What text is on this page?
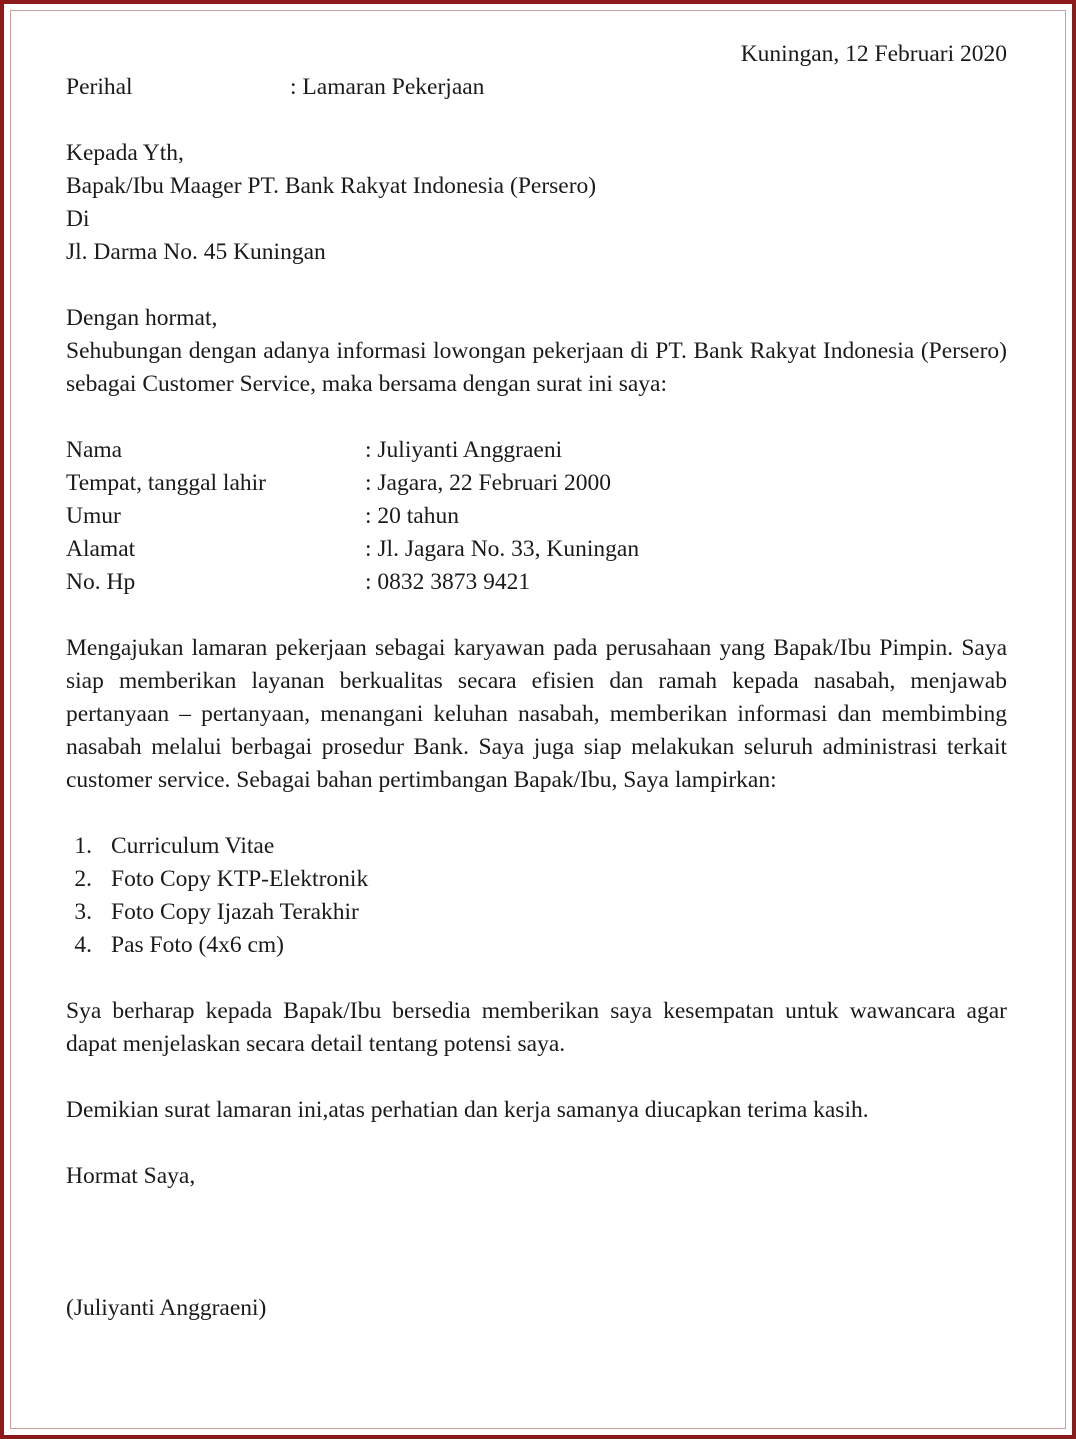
Kuningan, 12 Februari 2020
Perihal	: Lamaran Pekerjaan
Kepada Yth,
Bapak/Ibu Maager PT. Bank Rakyat Indonesia (Persero)
Di
Jl. Darma No. 45 Kuningan
Dengan hormat,
Sehubungan dengan adanya informasi lowongan pekerjaan di PT. Bank Rakyat Indonesia (Persero) sebagai Customer Service, maka bersama dengan surat ini saya:
Nama	: Juliyanti Anggraeni
Tempat, tanggal lahir	: Jagara, 22 Februari 2000
Umur	: 20 tahun
Alamat	: Jl. Jagara No. 33, Kuningan
No. Hp	: 0832 3873 9421
Mengajukan lamaran pekerjaan sebagai karyawan pada perusahaan yang Bapak/Ibu Pimpin. Saya siap memberikan layanan berkualitas secara efisien dan ramah kepada nasabah, menjawab pertanyaan – pertanyaan, menangani keluhan nasabah, memberikan informasi dan membimbing nasabah melalui berbagai prosedur Bank. Saya juga siap melakukan seluruh administrasi terkait customer service. Sebagai bahan pertimbangan Bapak/Ibu, Saya lampirkan:
1. Curriculum Vitae
2. Foto Copy KTP-Elektronik
3. Foto Copy Ijazah Terakhir
4. Pas Foto (4x6 cm)
Sya berharap kepada Bapak/Ibu bersedia memberikan saya kesempatan untuk wawancara agar dapat menjelaskan secara detail tentang potensi saya.
Demikian surat lamaran ini,atas perhatian dan kerja samanya diucapkan terima kasih.
Hormat Saya,
(Juliyanti Anggraeni)
